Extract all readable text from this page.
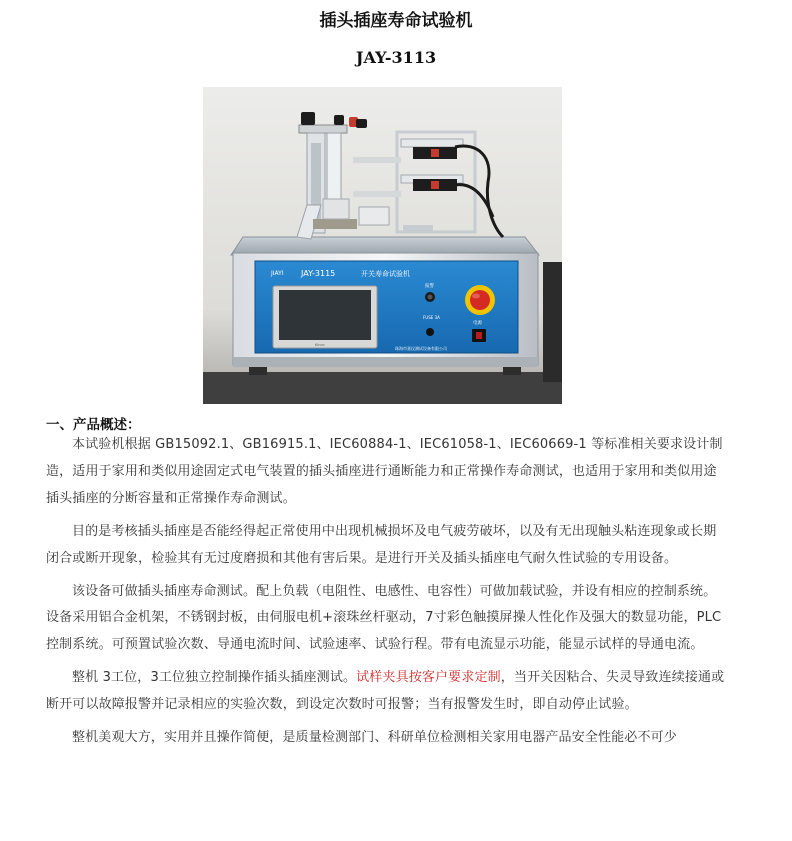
插头插座寿命试验机
JAY-3113
JIAYI JAY-3115	开关寿命试验机
Kinco
报警
FUSE 3A
电源
珠海市嘉仪测试设备有限公司
一、产品概述：

本试验机根据 GB15092.1、GB16915.1、IEC60884-1、IEC61058-1、IEC60669-1 等标准相关要求设计制造，适用于家用和类似用途固定式电气装置的插头插座进行通断能力和正常操作寿命测试，也适用于家用和类似用途插头插座的分断容量和正常操作寿命测试。

目的是考核插头插座是否能经得起正常使用中出现机械损坏及电气疲劳破坏，以及有无出现触头粘连现象或长期闭合或断开现象，检验其有无过度磨损和其他有害后果。是进行开关及插头插座电气耐久性试验的专用设备。

该设备可做插头插座寿命测试。配上负载（电阻性、电感性、电容性）可做加载试验，并设有相应的控制系统。设备采用铝合金机架，不锈钢封板，由伺服电机+滚珠丝杆驱动，7寸彩色触摸屏操人性化作及强大的数显功能，PLC控制系统。可预置试验次数、导通电流时间、试验速率、试验行程。带有电流显示功能，能显示试样的导通电流。

整机 3工位，3工位独立控制操作插头插座测试。试样夹具按客户要求定制，当开关因粘合、失灵导致连续接通或断开可以故障报警并记录相应的实验次数，到设定次数时可报警；当有报警发生时，即自动停止试验。

整机美观大方，实用并且操作简便，是质量检测部门、科研单位检测相关家用电器产品安全性能必不可少
